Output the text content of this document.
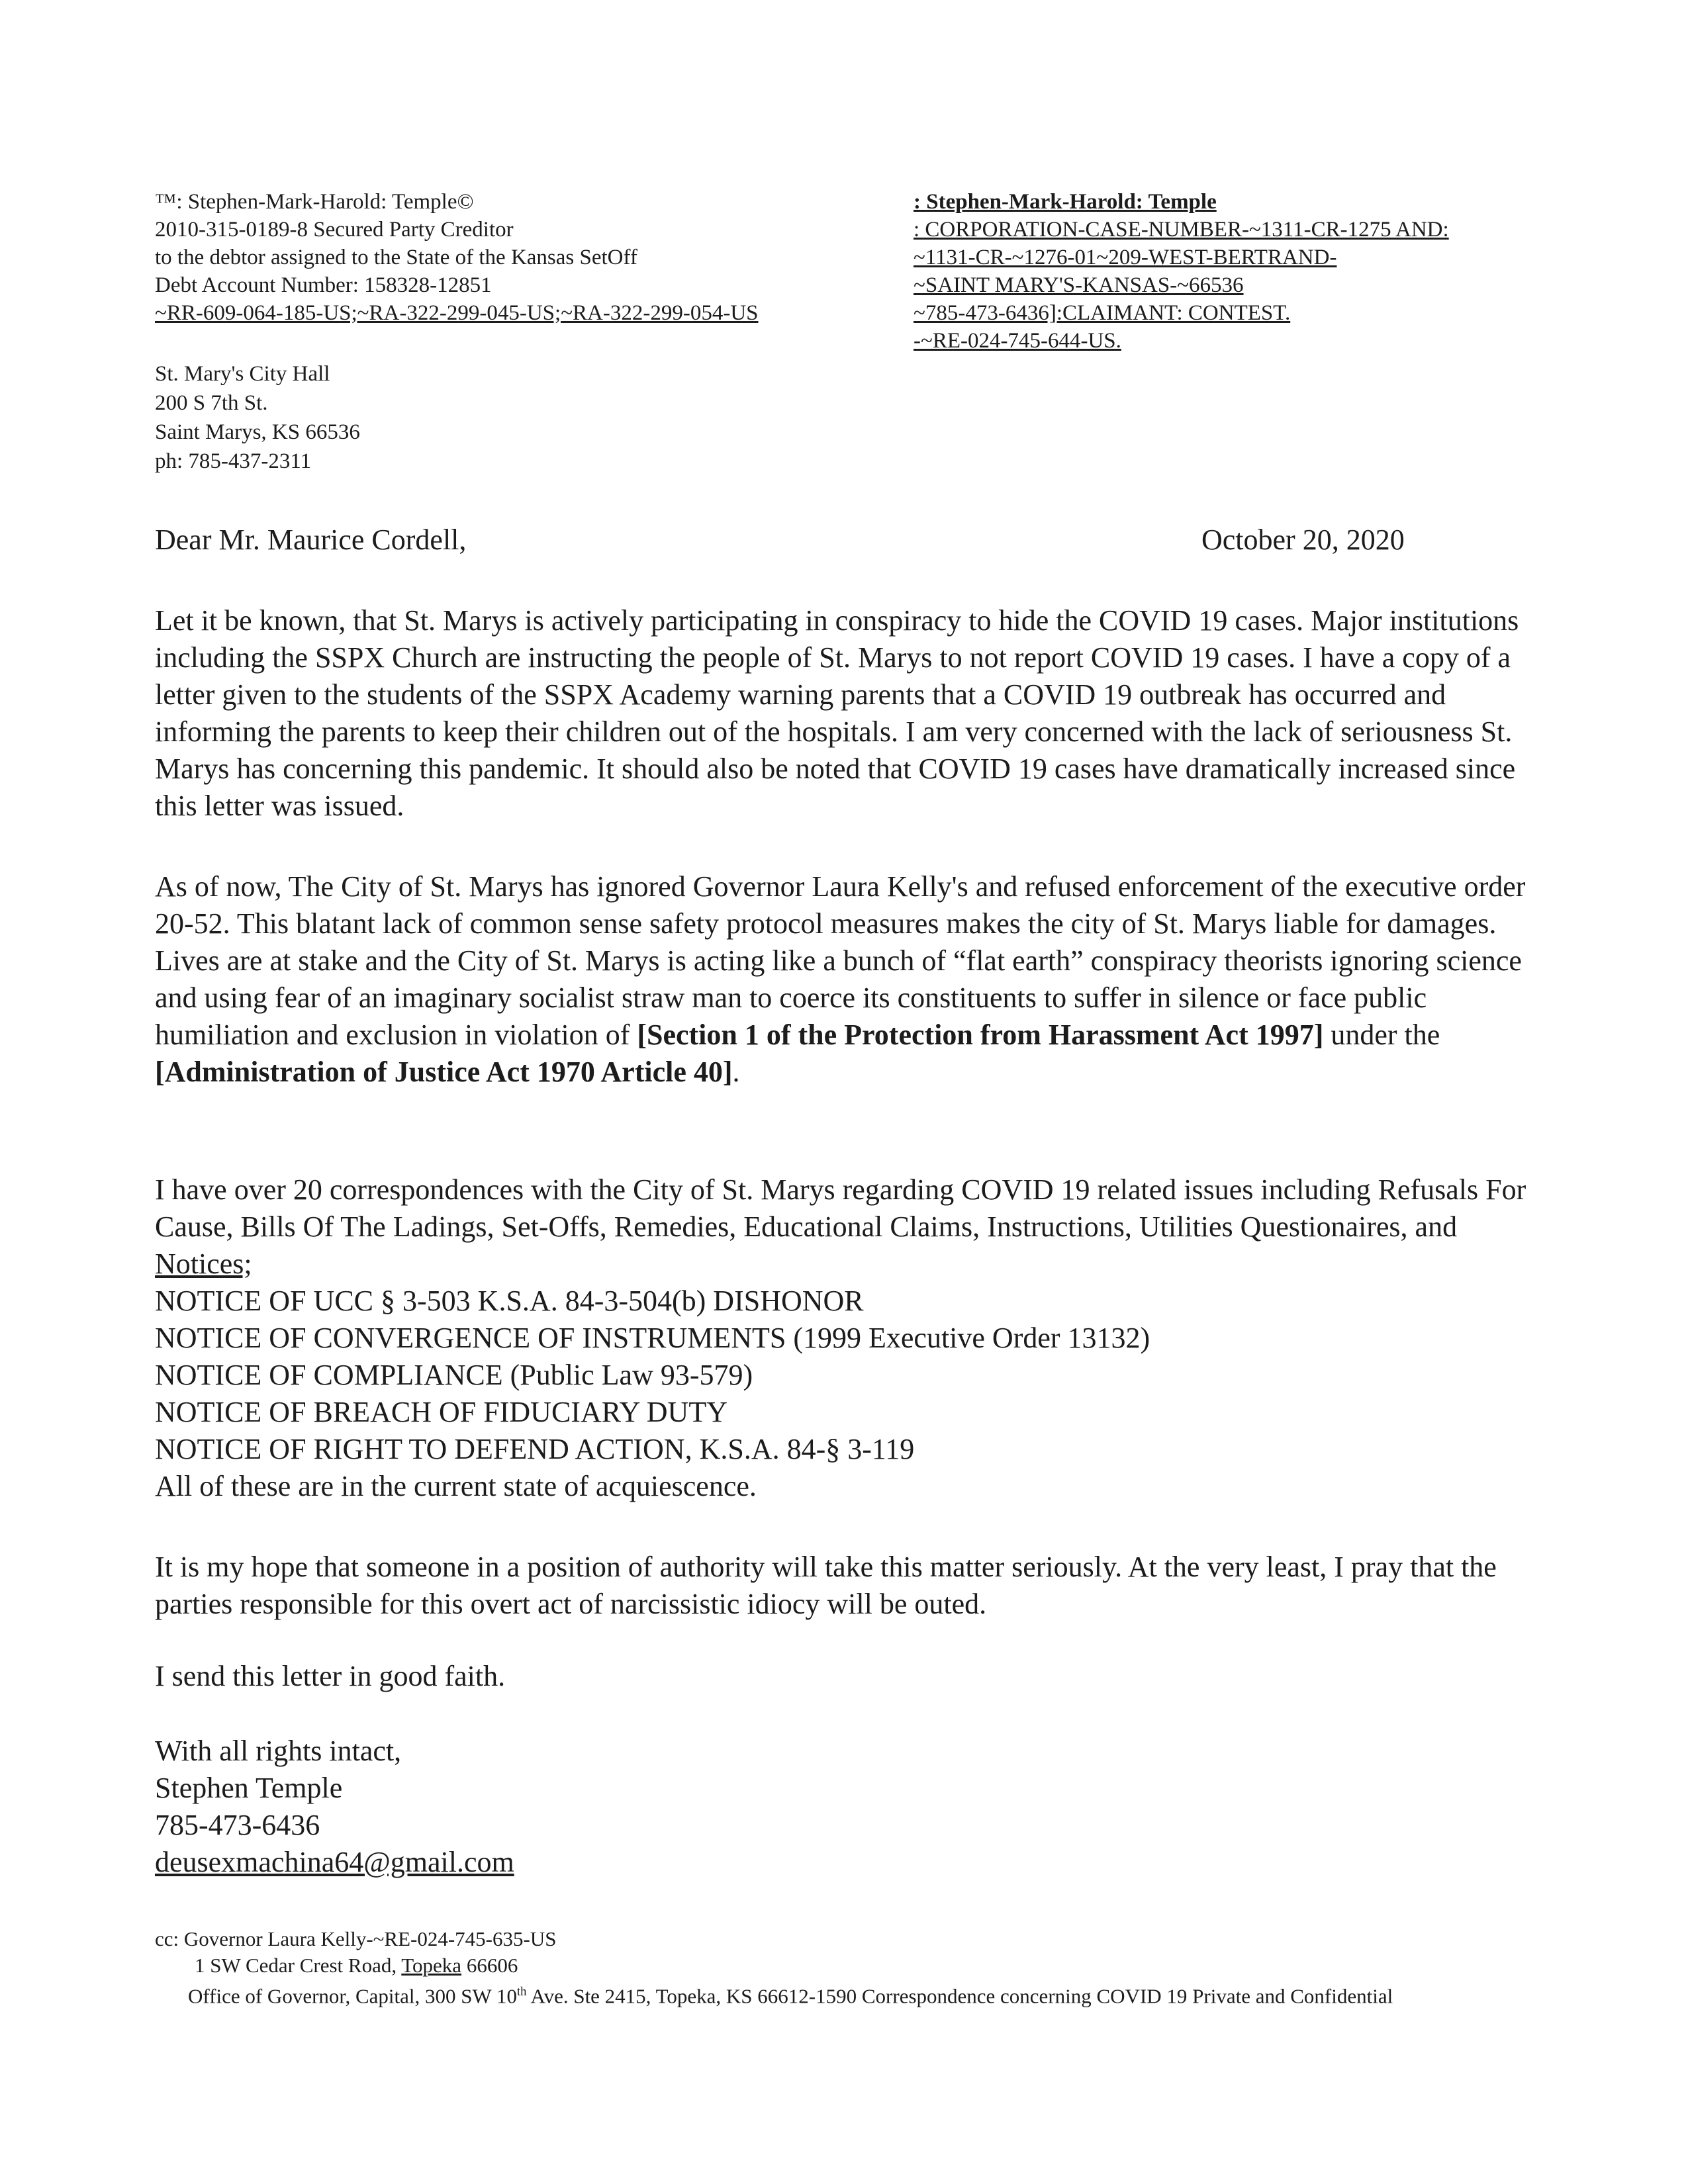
™: Stephen-Mark-Harold: Temple©
2010-315-0189-8 Secured Party Creditor
to the debtor assigned to the State of the Kansas SetOff
Debt Account Number: 158328-12851
~RR-609-064-185-US;~RA-322-299-045-US;~RA-322-299-054-US
: Stephen-Mark-Harold: Temple
: CORPORATION-CASE-NUMBER-~1311-CR-1275 AND:
~1131-CR-~1276-01~209-WEST-BERTRAND-
~SAINT MARY'S-KANSAS-~66536
~785-473-6436]:CLAIMANT: CONTEST.
-~RE-024-745-644-US.
St. Mary's City Hall
200 S 7th St.
Saint Marys, KS 66536
ph: 785-437-2311
Dear Mr. Maurice Cordell,	October 20, 2020

Let it be known, that St. Marys is actively participating in conspiracy to hide the COVID 19 cases. Major institutions including the SSPX Church are instructing the people of St. Marys to not report COVID 19 cases. I have a copy of a letter given to the students of the SSPX Academy warning parents that a COVID 19 outbreak has occurred and informing the parents to keep their children out of the hospitals. I am very concerned with the lack of seriousness St. Marys has concerning this pandemic. It should also be noted that COVID 19 cases have dramatically increased since this letter was issued.

As of now, The City of St. Marys has ignored Governor Laura Kelly's and refused enforcement of the executive order 20-52. This blatant lack of common sense safety protocol measures makes the city of St. Marys liable for damages. Lives are at stake and the City of St. Marys is acting like a bunch of “flat earth” conspiracy theorists ignoring science and using fear of an imaginary socialist straw man to coerce its constituents to suffer in silence or face public humiliation and exclusion in violation of [Section 1 of the Protection from Harassment Act 1997] under the [Administration of Justice Act 1970 Article 40].

I have over 20 correspondences with the City of St. Marys regarding COVID 19 related issues including Refusals For Cause, Bills Of The Ladings, Set-Offs, Remedies, Educational Claims, Instructions, Utilities Questionaires, and Notices;

NOTICE OF UCC § 3-503 K.S.A. 84-3-504(b) DISHONOR

NOTICE OF CONVERGENCE OF INSTRUMENTS (1999 Executive Order 13132)

NOTICE OF COMPLIANCE (Public Law 93-579)

NOTICE OF BREACH OF FIDUCIARY DUTY

NOTICE OF RIGHT TO DEFEND ACTION, K.S.A. 84-§ 3-119

All of these are in the current state of acquiescence.

It is my hope that someone in a position of authority will take this matter seriously. At the very least, I pray that the parties responsible for this overt act of narcissistic idiocy will be outed.

I send this letter in good faith.

With all rights intact,
Stephen Temple
785-473-6436
deusexmachina64@gmail.com
cc: Governor Laura Kelly-~RE-024-745-635-US
1 SW Cedar Crest Road, Topeka 66606
Office of Governor, Capital, 300 SW 10th Ave. Ste 2415, Topeka, KS 66612-1590 Correspondence concerning COVID 19 Private and Confidential
